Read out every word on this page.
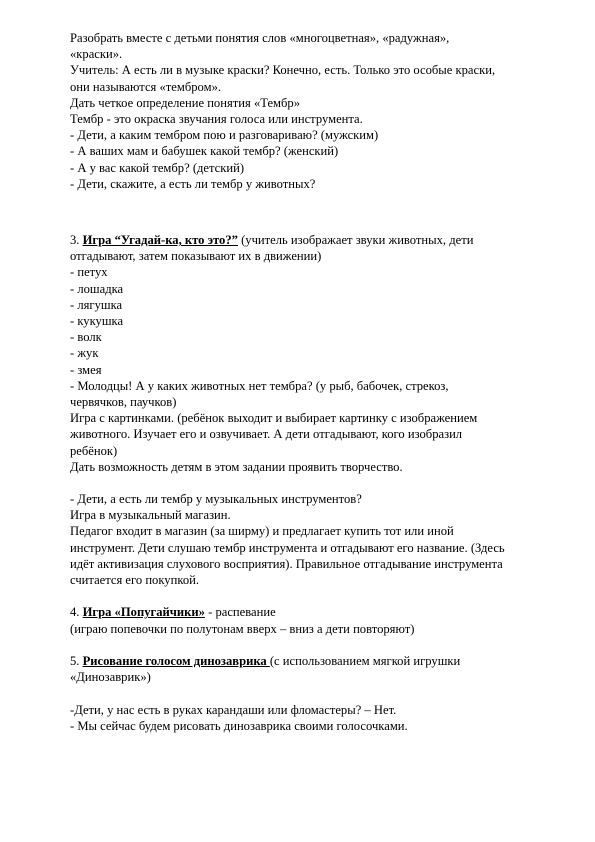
Разобрать вместе с детьми понятия слов «многоцветная», «радужная»,
«краски».
Учитель: А есть ли в музыке краски? Конечно, есть. Только это особые краски,
они называются «тембром».
Дать четкое определение понятия «Тембр»
Тембр - это окраска звучания голоса или инструмента.
- Дети, а каким тембром пою и разговариваю? (мужским)
- А ваших мам и бабушек какой тембр? (женский)
- А у вас какой тембр? (детский)
- Дети, скажите, а есть ли тембр у животных?
3. Игра “Угадай-ка, кто это?” (учитель изображает звуки животных, дети
отгадывают, затем показывают их в движении)
- петух
- лошадка
- лягушка
- кукушка
- волк
- жук
- змея
- Молодцы! А у каких животных нет тембра? (у рыб, бабочек, стрекоз,
червячков, паучков)
Игра с картинками. (ребёнок выходит и выбирает картинку с изображением
животного. Изучает его и озвучивает. А дети отгадывают, кого изобразил
ребёнок)
Дать возможность детям в этом задании проявить творчество.
- Дети, а есть ли тембр у музыкальных инструментов?
Игра в музыкальный магазин.
Педагог входит в магазин (за ширму) и предлагает купить тот или иной
инструмент. Дети слушаю тембр инструмента и отгадывают его название. (Здесь
идёт активизация слухового восприятия). Правильное отгадывание инструмента
считается его покупкой.
4. Игра «Попугайчики» - распевание
(играю попевочки по полутонам вверх – вниз а дети повторяют)
5. Рисование голосом динозаврика (с использованием мягкой игрушки
«Динозаврик»)
-Дети, у нас есть в руках карандаши или фломастеры? – Нет.
- Мы сейчас будем рисовать динозаврика своими голосочками.
